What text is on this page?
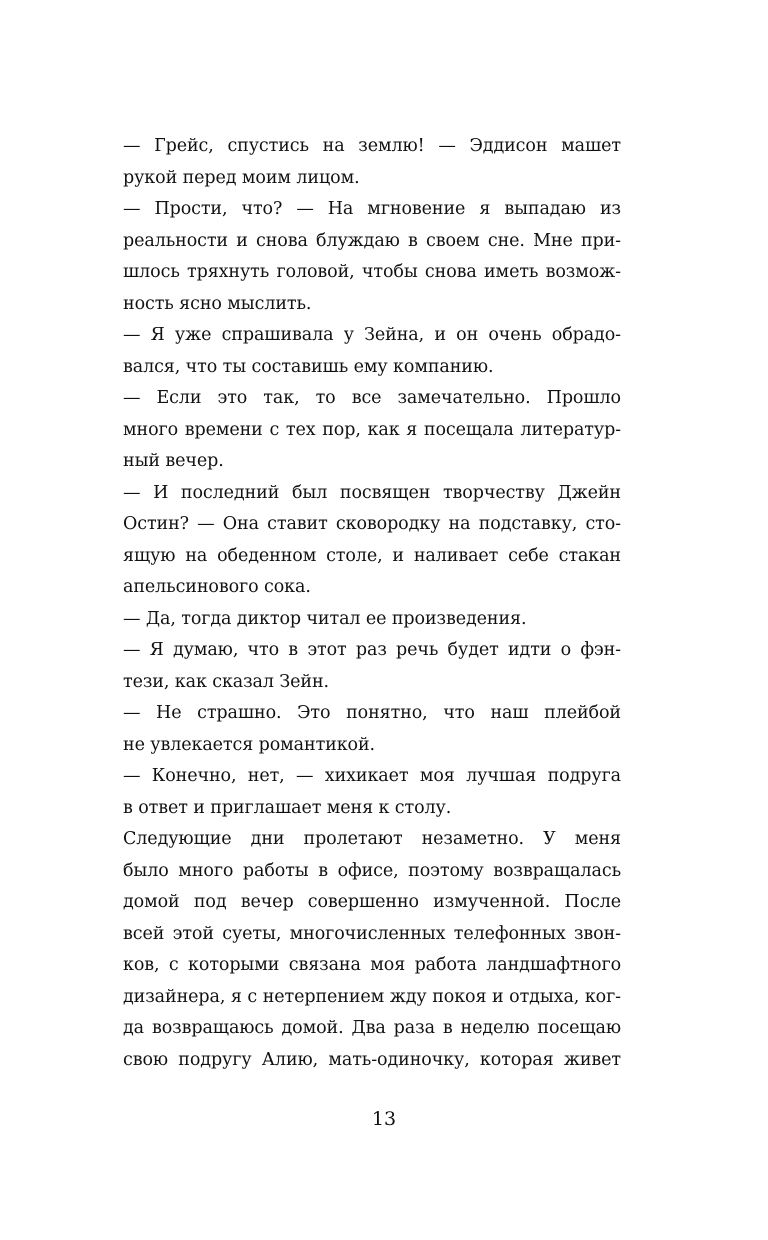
— Грейс, спустись на землю! — Эддисон машет
рукой перед моим лицом.
— Прости, что? — На мгновение я выпадаю из
реальности и снова блуждаю в своем сне. Мне при-
шлось тряхнуть головой, чтобы снова иметь возмож-
ность ясно мыслить.
— Я уже спрашивала у Зейна, и он очень обрадо-
вался, что ты составишь ему компанию.
— Если это так, то все замечательно. Прошло
много времени с тех пор, как я посещала литератур-
ный вечер.
— И последний был посвящен творчеству Джейн
Остин? — Она ставит сковородку на подставку, сто-
ящую на обеденном столе, и наливает себе стакан
апельсинового сока.
— Да, тогда диктор читал ее произведения.
— Я думаю, что в этот раз речь будет идти о фэн-
тези, как сказал Зейн.
— Не страшно. Это понятно, что наш плейбой
не увлекается романтикой.
— Конечно, нет, — хихикает моя лучшая подруга
в ответ и приглашает меня к столу.
Следующие дни пролетают незаметно. У меня
было много работы в офисе, поэтому возвращалась
домой под вечер совершенно измученной. После
всей этой суеты, многочисленных телефонных звон-
ков, с которыми связана моя работа ландшафтного
дизайнера, я с нетерпением жду покоя и отдыха, ког-
да возвращаюсь домой. Два раза в неделю посещаю
свою подругу Алию, мать-одиночку, которая живет
13
